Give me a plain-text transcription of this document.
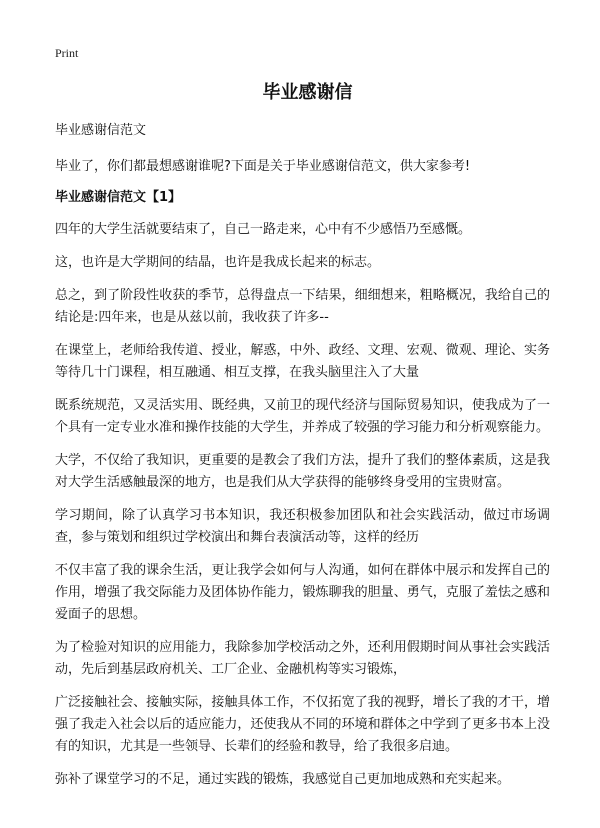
Print
毕业感谢信
毕业感谢信范文
毕业了，你们都最想感谢谁呢?下面是关于毕业感谢信范文，供大家参考!
毕业感谢信范文【1】
四年的大学生活就要结束了，自己一路走来，心中有不少感悟乃至感慨。
这，也许是大学期间的结晶，也许是我成长起来的标志。
总之，到了阶段性收获的季节，总得盘点一下结果，细细想来，粗略概况，我给自己的结论是:四年来，也是从兹以前，我收获了许多--
在课堂上，老师给我传道、授业，解惑，中外、政经、文理、宏观、微观、理论、实务等待几十门课程，相互融通、相互支撑，在我头脑里注入了大量
既系统规范，又灵活实用、既经典，又前卫的现代经济与国际贸易知识，使我成为了一个具有一定专业水准和操作技能的大学生，并养成了较强的学习能力和分析观察能力。
大学，不仅给了我知识，更重要的是教会了我们方法，提升了我们的整体素质，这是我对大学生活感触最深的地方，也是我们从大学获得的能够终身受用的宝贵财富。
学习期间，除了认真学习书本知识，我还积极参加团队和社会实践活动，做过市场调查，参与策划和组织过学校演出和舞台表演活动等，这样的经历
不仅丰富了我的课余生活，更让我学会如何与人沟通，如何在群体中展示和发挥自己的作用，增强了我交际能力及团体协作能力，锻炼聊我的胆量、勇气，克服了羞怯之感和爱面子的思想。
为了检验对知识的应用能力，我除参加学校活动之外，还利用假期时间从事社会实践活动，先后到基层政府机关、工厂企业、金融机构等实习锻炼，
广泛接触社会、接触实际，接触具体工作，不仅拓宽了我的视野，增长了我的才干，增强了我走入社会以后的适应能力，还使我从不同的环境和群体之中学到了更多书本上没有的知识，尤其是一些领导、长辈们的经验和教导，给了我很多启迪。
弥补了课堂学习的不足，通过实践的锻炼，我感觉自己更加地成熟和充实起来。
